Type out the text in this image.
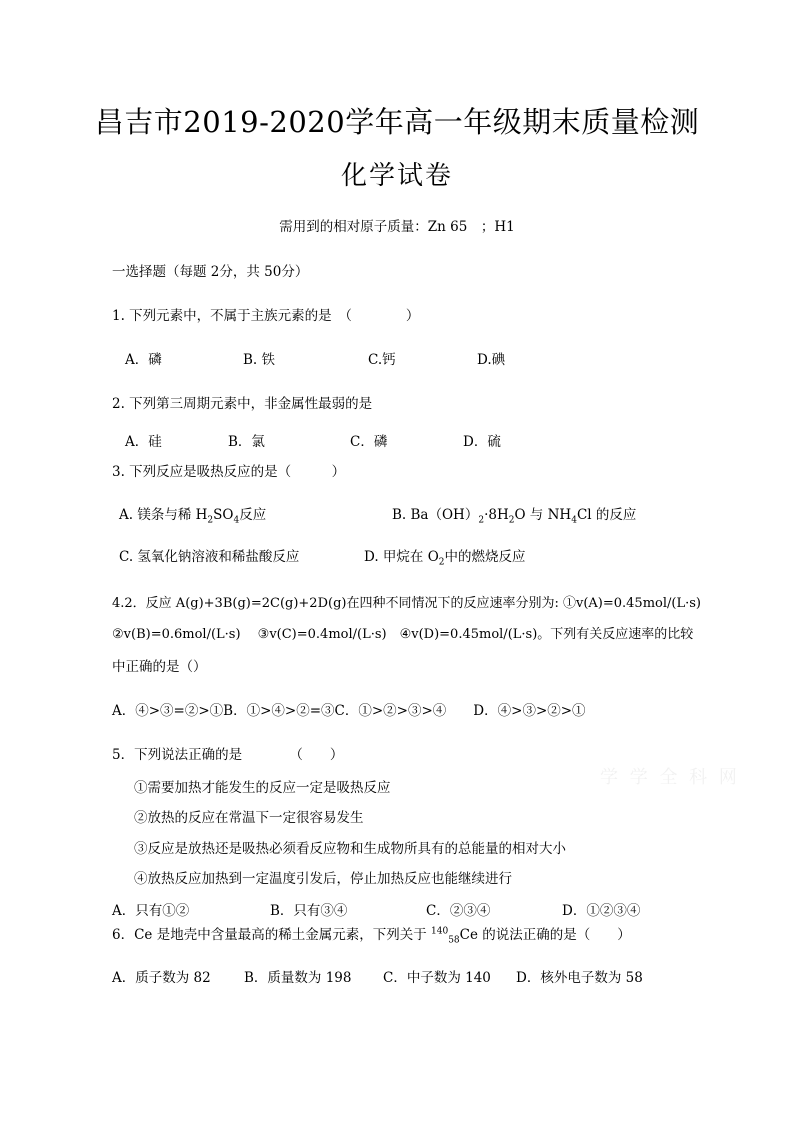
昌吉市2019-2020学年高一年级期末质量检测
化学试卷
需用到的相对原子质量：Zn 65　；H1
一选择题（每题 2分，共 50分）
1. 下列元素中，不属于主族元素的是　（　　　　）
A．磷	B. 铁	C.钙	D.碘
2. 下列第三周期元素中，非金属性最弱的是
A．硅	B．氯	C．磷	D．硫
3. 下列反应是吸热反应的是（　　　）
A. 镁条与稀 $H_2SO_4$反应	B. $Ba(OH)_2\cdot 8H_2O$ 与 $NH_4Cl$ 的反应
C. 氢氧化钠溶液和稀盐酸反应	D. 甲烷在 $O_2$中的燃烧反应
4.2．反应 A(g)+3B(g)=2C(g)+2D(g)在四种不同情况下的反应速率分别为: ①v(A)=0.45mol/(L·s)
②v(B)=0.6mol/(L·s)　 ③v(C)=0.4mol/(L·s)　④v(D)=0.45mol/(L·s)。下列有关反应速率的比较
中正确的是（）
A．④>③=②>①B．①>④>②=③C．①>②>③>④　　D．④>③>②>①
5．下列说法正确的是　　　　（　　）
①需要加热才能发生的反应一定是吸热反应
②放热的反应在常温下一定很容易发生
③反应是放热还是吸热必须看反应物和生成物所具有的总能量的相对大小
④放热反应加热到一定温度引发后，停止加热反应也能继续进行
A．只有①②	B．只有③④	C．②③④	D．①②③④
6．Ce 是地壳中含量最高的稀土金属元素，下列关于 $^{140}_{58}$Ce 的说法正确的是（　　）
A．质子数为 82 B．质量数为 198 C．中子数为 140 D．核外电子数为 58
学 学 全 科 网
